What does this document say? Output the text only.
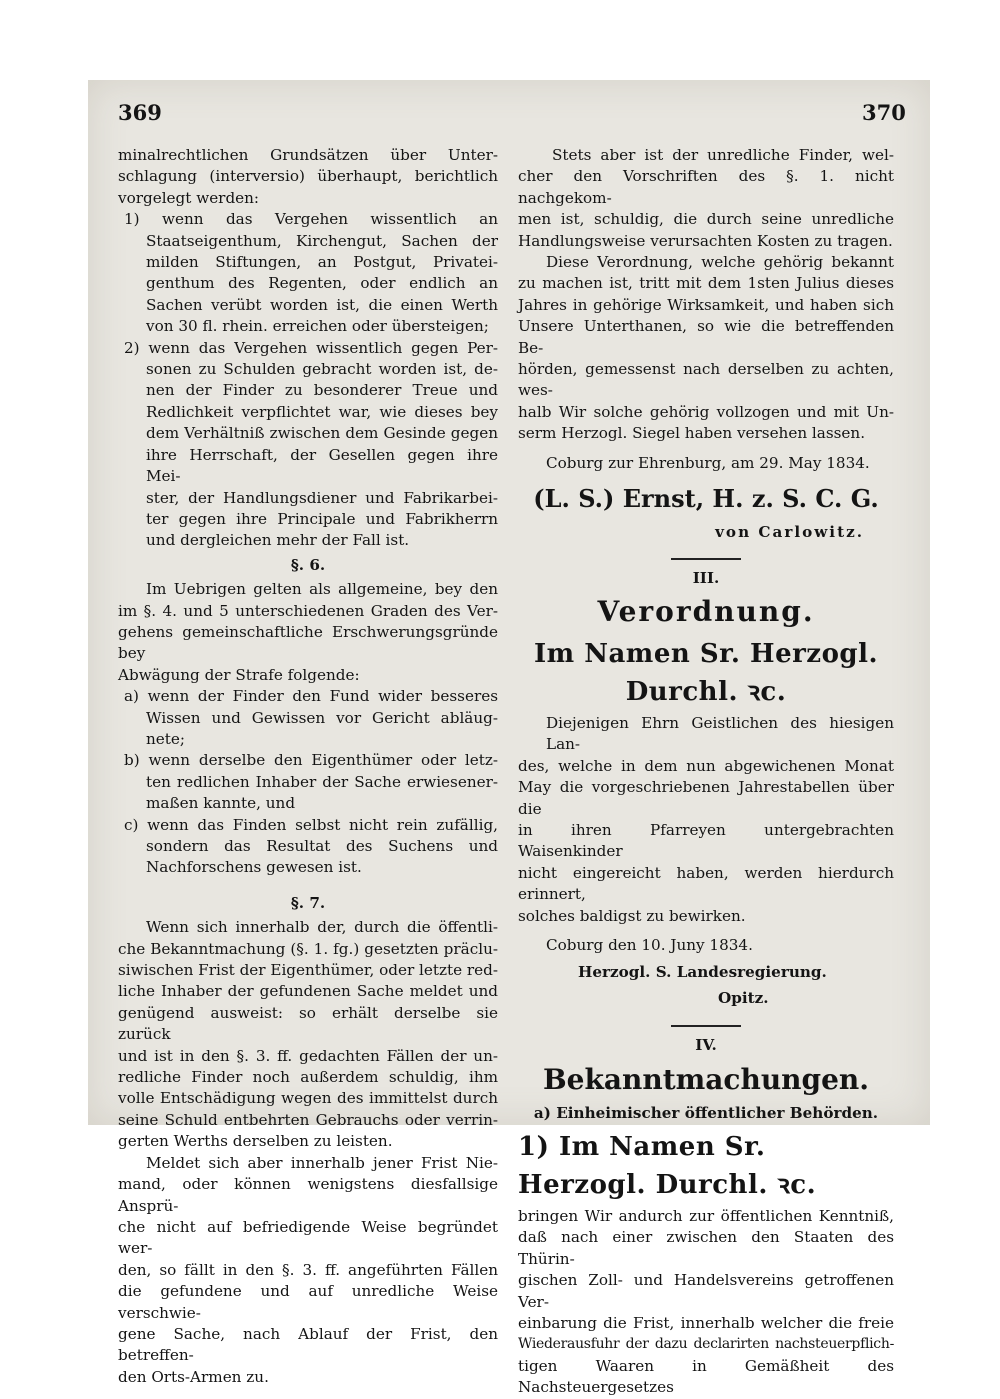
369	370

minalrechtlichen Grundsätzen über Unter-

schlagung (interversio) überhaupt, berichtlich

vorgelegt werden:

1) wenn das Vergehen wissentlich an

Staatseigenthum, Kirchengut, Sachen der

milden Stiftungen, an Postgut, Privatei-

genthum des Regenten, oder endlich an

Sachen verübt worden ist, die einen Werth

von 30 fl. rhein. erreichen oder übersteigen;

2) wenn das Vergehen wissentlich gegen Per-

sonen zu Schulden gebracht worden ist, de-

nen der Finder zu besonderer Treue und

Redlichkeit verpflichtet war, wie dieses bey

dem Verhältniß zwischen dem Gesinde gegen

ihre Herrschaft, der Gesellen gegen ihre Mei-

ster, der Handlungsdiener und Fabrikarbei-

ter gegen ihre Principale und Fabrikherrn

und dergleichen mehr der Fall ist.

§. 6.

Im Uebrigen gelten als allgemeine, bey den

im §. 4. und 5 unterschiedenen Graden des Ver-

gehens gemeinschaftliche Erschwerungsgründe bey

Abwägung der Strafe folgende:

a) wenn der Finder den Fund wider besseres

Wissen und Gewissen vor Gericht abläug-

nete;

b) wenn derselbe den Eigenthümer oder letz-

ten redlichen Inhaber der Sache erwiesener-

maßen kannte, und

c) wenn das Finden selbst nicht rein zufällig,

sondern das Resultat des Suchens und

Nachforschens gewesen ist.

§. 7.

Wenn sich innerhalb der, durch die öffentli-

che Bekanntmachung (§. 1. fg.) gesetzten präclu-

siwischen Frist der Eigenthümer, oder letzte red-

liche Inhaber der gefundenen Sache meldet und

genügend ausweist: so erhält derselbe sie zurück

und ist in den §. 3. ff. gedachten Fällen der un-

redliche Finder noch außerdem schuldig, ihm

volle Entschädigung wegen des immittelst durch

seine Schuld entbehrten Gebrauchs oder verrin-

gerten Werths derselben zu leisten.

Meldet sich aber innerhalb jener Frist Nie-

mand, oder können wenigstens diesfallsige Ansprü-

che nicht auf befriedigende Weise begründet wer-

den, so fällt in den §. 3. ff. angeführten Fällen

die gefundene und auf unredliche Weise verschwie-

gene Sache, nach Ablauf der Frist, den betreffen-

den Orts-Armen zu.

Stets aber ist der unredliche Finder, wel-

cher den Vorschriften des §. 1. nicht nachgekom-

men ist, schuldig, die durch seine unredliche

Handlungsweise verursachten Kosten zu tragen.

Diese Verordnung, welche gehörig bekannt

zu machen ist, tritt mit dem 1sten Julius dieses

Jahres in gehörige Wirksamkeit, und haben sich

Unsere Unterthanen, so wie die betreffenden Be-

hörden, gemessenst nach derselben zu achten, wes-

halb Wir solche gehörig vollzogen und mit Un-

serm Herzogl. Siegel haben versehen lassen.

Coburg zur Ehrenburg, am 29. May 1834.

(L. S.) Ernst, H. z. S. C. G.

von Carlowitz.

III.

Verordnung.

Im Namen Sr. Herzogl. Durchl. ꝛc.

Diejenigen Ehrn Geistlichen des hiesigen Lan-

des, welche in dem nun abgewichenen Monat

May die vorgeschriebenen Jahrestabellen über die

in ihren Pfarreyen untergebrachten Waisenkinder

nicht eingereicht haben, werden hierdurch erinnert,

solches baldigst zu bewirken.

Coburg den 10. Juny 1834.

Herzogl. S. Landesregierung.

Opitz.

IV.

Bekanntmachungen.

a) Einheimischer öffentlicher Behörden.

1) Im Namen Sr. Herzogl. Durchl. ꝛc.

bringen Wir andurch zur öffentlichen Kenntniß,

daß nach einer zwischen den Staaten des Thürin-

gischen Zoll- und Handelsvereins getroffenen Ver-

einbarung die Frist, innerhalb welcher die freie

Wiederausfuhr der dazu declarirten nachsteuerpflich-

tigen Waaren in Gemäßheit des Nachsteuergesetzes
